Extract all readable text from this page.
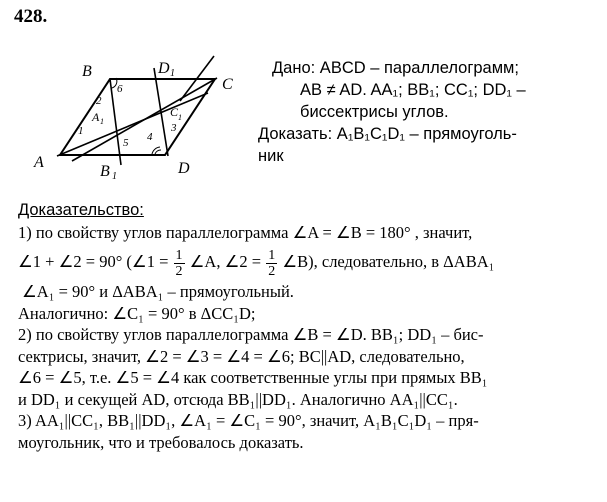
428.
B	D 1
C
A
B 1	D
A 1
C 1
1
2
6
3
4
5
Дано: ABCD – параллелограмм;
AB ≠ AD. AA₁; BB₁; CC₁; DD₁ –
биссектрисы углов.
Доказать: A₁B₁C₁D₁ – прямоуголь-
ник
Доказательство:
1) по свойству углов параллелограмма ∠A = ∠B = 180° , значит,
∠1 + ∠2 = 90° (∠1 = $\frac{1}{2}$ ∠A, ∠2 = $\frac{1}{2}$ ∠B), следовательно, в ΔABA₁
∠A₁ = 90° и ΔABA₁ – прямоугольный.
Аналогично: ∠C₁ = 90° в ΔCC₁D;
2) по свойству углов параллелограмма ∠B = ∠D. BB₁; DD₁ – бис-
сектрисы, значит, ∠2 = ∠3 = ∠4 = ∠6; BC||AD, следовательно,
∠6 = ∠5, т.е. ∠5 = ∠4 как соответственные углы при прямых BB₁
и DD₁ и секущей AD, отсюда BB₁||DD₁. Аналогично AA₁||CC₁.
3) AA₁||CC₁, BB₁||DD₁, ∠A₁ = ∠C₁ = 90°, значит, A₁B₁C₁D₁ – пря-
моугольник, что и требовалось доказать.
